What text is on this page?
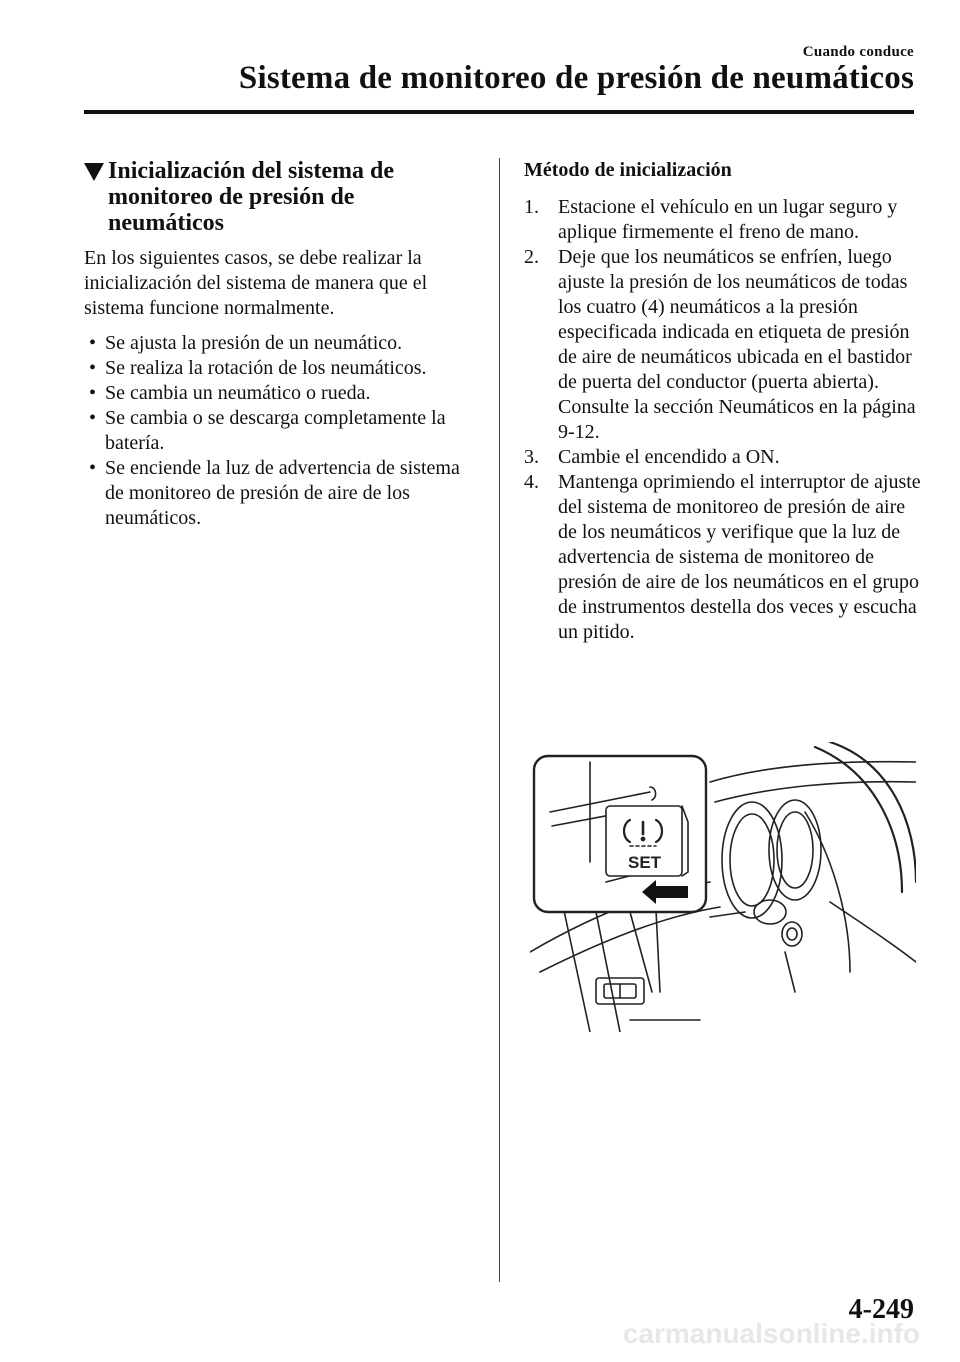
Cuando conduce
Sistema de monitoreo de presión de neumáticos
Inicialización del sistema de monitoreo de presión de neumáticos

En los siguientes casos, se debe realizar la inicialización del sistema de manera que el sistema funcione normalmente.

• Se ajusta la presión de un neumático.
• Se realiza la rotación de los neumáticos.
• Se cambia un neumático o rueda.
• Se cambia o se descarga completamente la batería.
• Se enciende la luz de advertencia de sistema de monitoreo de presión de aire de los neumáticos.
Método de inicialización
1. Estacione el vehículo en un lugar seguro y aplique firmemente el freno de mano.
2. Deje que los neumáticos se enfríen, luego ajuste la presión de los neumáticos de todas los cuatro (4) neumáticos a la presión especificada indicada en etiqueta de presión de aire de neumáticos ubicada en el bastidor de puerta del conductor (puerta abierta). Consulte la sección Neumáticos en la página 9-12.
3. Cambie el encendido a ON.
4. Mantenga oprimiendo el interruptor de ajuste del sistema de monitoreo de presión de aire de los neumáticos y verifique que la luz de advertencia de sistema de monitoreo de presión de aire de los neumáticos en el grupo de instrumentos destella dos veces y escucha un pitido.
SET
4-249
carmanualsonline.info
